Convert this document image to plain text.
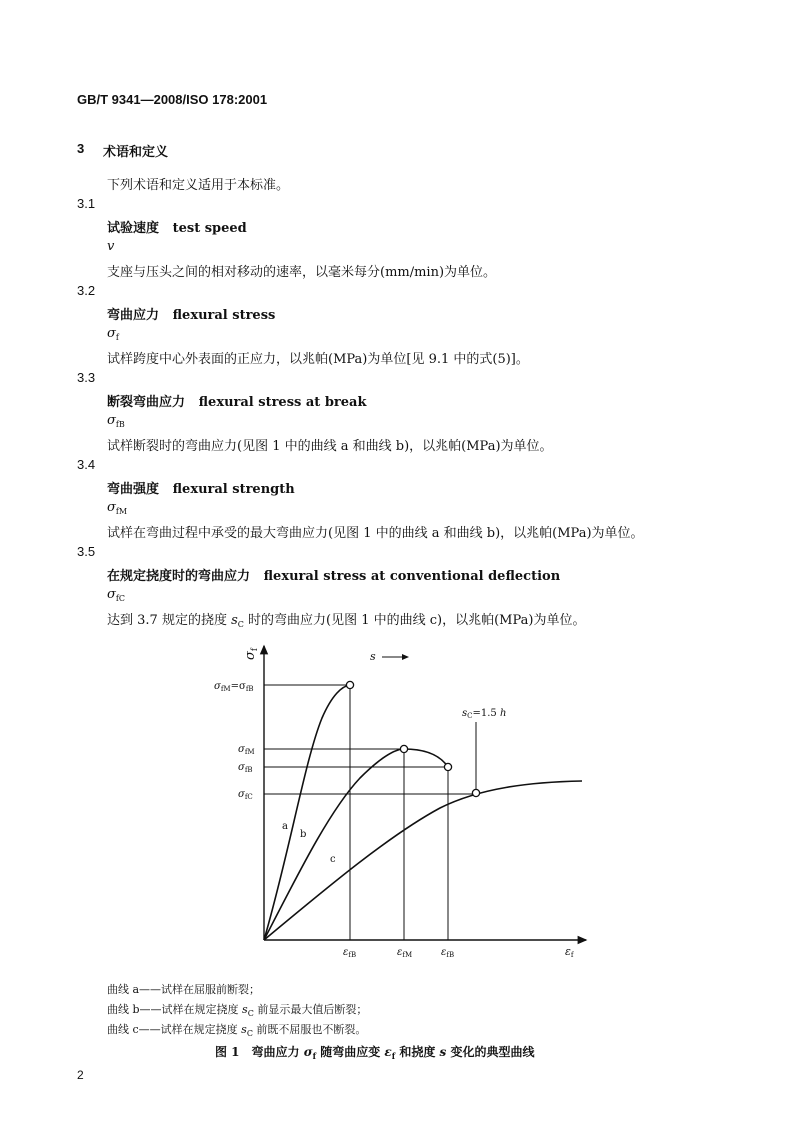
GB/T 9341—2008/ISO 178:2001
3 术语和定义
下列术语和定义适用于本标准。
3.1
试验速度 test speed
v
支座与压头之间的相对移动的速率，以毫米每分(mm/min)为单位。
3.2
弯曲应力 flexural stress
$\sigma_f$
试样跨度中心外表面的正应力，以兆帕(MPa)为单位[见 9.1 中的式(5)]。
3.3
断裂弯曲应力 flexural stress at break
$\sigma_{fB}$
试样断裂时的弯曲应力(见图 1 中的曲线 a 和曲线 b)，以兆帕(MPa)为单位。
3.4
弯曲强度 flexural strength
$\sigma_{fM}$
试样在弯曲过程中承受的最大弯曲应力(见图 1 中的曲线 a 和曲线 b)，以兆帕(MPa)为单位。
3.5
在规定挠度时的弯曲应力 flexural stress at conventional deflection
$\sigma_{fC}$
达到 3.7 规定的挠度 $s_C$ 时的弯曲应力(见图 1 中的曲线 c)，以兆帕(MPa)为单位。
$\sigma_f$
s
$\sigma_{fM}=\sigma_{fB}$
$\sigma_{fM}$
$\sigma_{fB}$
$\sigma_{fC}$
$s_C=1.5$ h
a
b
c
$\varepsilon_{fB}$	$\varepsilon_{fM}$	$\varepsilon_{fB}$	εf
曲线 a——试样在屈服前断裂；
曲线 b——试样在规定挠度 $s_C$ 前显示最大值后断裂；
曲线 c——试样在规定挠度 $s_C$ 前既不屈服也不断裂。
图 1　弯曲应力 $\sigma_f$ 随弯曲应变 $\varepsilon_f$ 和挠度 s 变化的典型曲线
2
